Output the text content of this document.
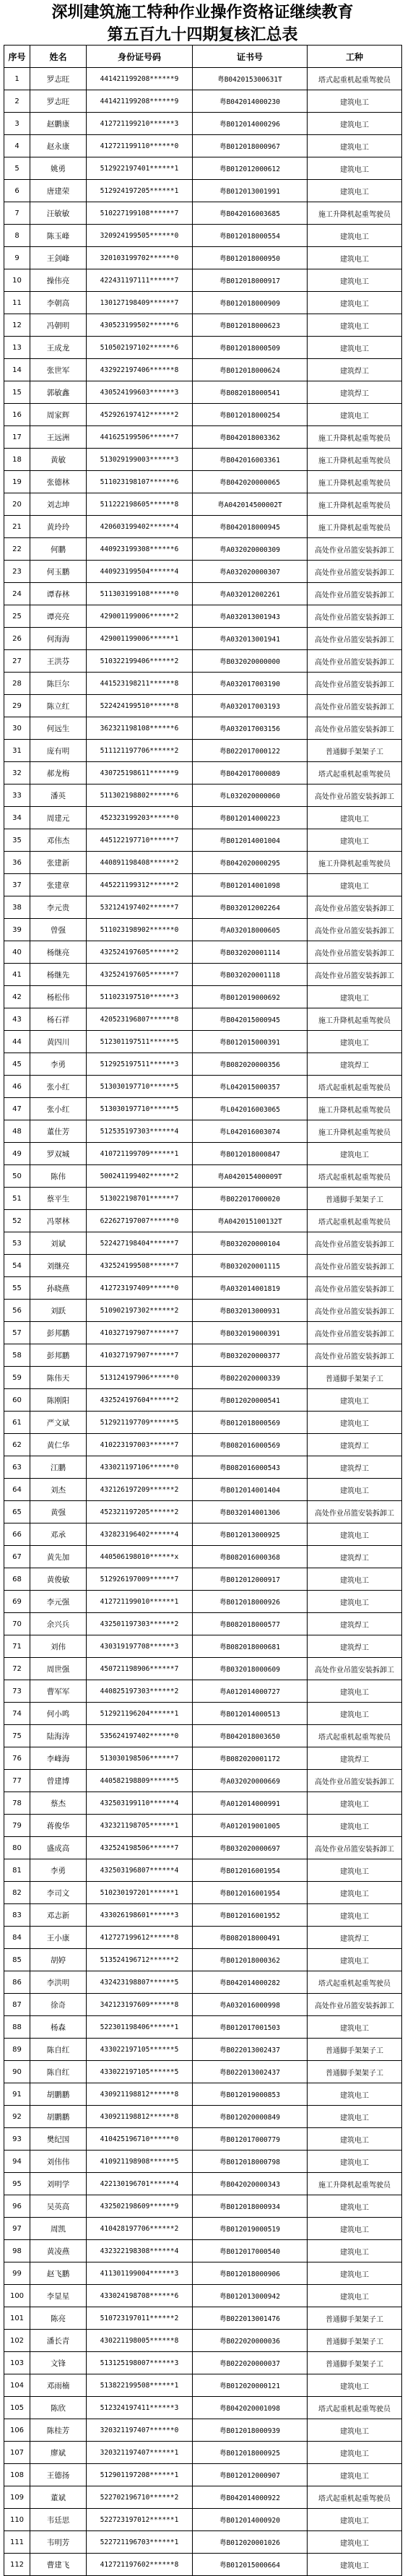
深圳建筑施工特种作业操作资格证继续教育
第五百九十四期复核汇总表
序号	姓名	身份证号码	证书号	工种
1	罗志旺	441421199208******9	粤B042015300631T	塔式起重机起重驾驶员
2	罗志旺	441421199208******9	粤B042014000230	建筑电工
3	赵鹏康	412721199210******3	粤B012014000296	建筑电工
4	赵永康	412721199110******0	粤B012018000967	建筑电工
5	姚勇	512922197401******1	粤B012012000612	建筑电工
6	唐建荣	512924197205******1	粤B012013001991	建筑电工
7	汪敏敏	510227199108******7	粤B042016003685	施工升降机起重驾驶员
8	陈玉峰	320924199505******0	粤B012018000554	建筑电工
9	王剑峰	320103199702******0	粤B012018000950	建筑电工
10	操伟亮	422431197111******7	粤B012018000917	建筑电工
11	李朝高	130127198409******7	粤B012018000909	建筑电工
12	冯朝明	430523199502******6	粤B012018000623	建筑电工
13	王成龙	510502197102******6	粤B012018000509	建筑电工
14	张世军	432922197406******8	粤B012018000624	建筑焊工
15	郭敏鑫	430524199603******3	粤B082018000541	建筑焊工
16	周家辉	452926197412******2	粤B012018000254	建筑电工
17	王远洲	441625199506******7	粤B042018003362	施工升降机起重驾驶员
18	黄敏	513029199003******3	粤B042016003361	施工升降机起重驾驶员
19	张德林	511023198107******6	粤B042020000065	施工升降机起重驾驶员
20	刘志坤	511222198605******8	粤A042014500002T	施工升降机起重驾驶员
21	黄玲玲	420603199402******4	粤B042018000945	施工升降机起重驾驶员
22	何鹏	440923199308******6	粤A032020000309	高处作业吊篮安装拆卸工
23	何玉鹏	440923199504******4	粤A032020000307	高处作业吊篮安装拆卸工
24	谭春林	511303199108******0	粤A032012002261	高处作业吊篮安装拆卸工
25	谭亮亮	429001199006******2	粤A032013001943	高处作业吊篮安装拆卸工
26	何海海	429001199006******1	粤A032013001941	高处作业吊篮安装拆卸工
27	王洪芬	510322199406******2	粤B032020000000	高处作业吊篮安装拆卸工
28	陈巨尔	441523198211******8	粤A032017003190	高处作业吊篮安装拆卸工
29	陈立红	522424199510******8	粤A032017003193	高处作业吊篮安装拆卸工
30	何远生	362321198108******6	粤A032017003156	高处作业吊篮安装拆卸工
31	庞有明	511121197706******2	粤B022017000122	普通脚手架架子工
32	郝龙梅	430725198611******9	粤B042017000089	塔式起重机起重驾驶员
33	潘英	511302198802******6	粤L032020000060	高处作业吊篮安装拆卸工
34	周建元	452323199203******0	粤B012014000223	建筑电工
35	邓伟杰	445122197710******7	粤B012014001004	建筑电工
36	张建新	440891198408******2	粤B042020000295	施工升降机起重驾驶员
37	张建章	445221199312******2	粤B012014001098	建筑电工
38	李元贵	532124197402******7	粤B032012002264	高处作业吊篮安装拆卸工
39	曾强	511023198902******0	粤A032018000605	高处作业吊篮安装拆卸工
40	杨继亮	432524197605******2	粤B032020001114	高处作业吊篮安装拆卸工
41	杨继先	432524197605******7	粤B032020001118	高处作业吊篮安装拆卸工
42	杨松伟	511023197510******3	粤B012019000692	建筑电工
43	杨石祥	420523196807******8	粤B042015000945	施工升降机起重驾驶员
44	黄四川	512301197511******5	粤B012015000391	建筑电工
45	李勇	512925197511******3	粤B082020000356	建筑焊工
46	张小红	513030197710******5	粤L042015000357	塔式起重机起重驾驶员
47	张小红	513030197710******5	粤L042016003065	施工升降机起重驾驶员
48	董仕芳	512535197303******4	粤L042016003074	施工升降机起重驾驶员
49	罗双城	410721199709******1	粤B012018000847	建筑电工
50	陈伟	500241199402******2	粤A042015400009T	塔式起重机起重驾驶员
51	蔡平生	513022198701******7	粤B022017000020	普通脚手架架子工
52	冯翠林	622627197007******0	粤A042015100132T	塔式起重机起重驾驶员
53	刘斌	522427198404******7	粤B032020000104	高处作业吊篮安装拆卸工
54	刘继亮	432524199508******7	粤B032020001115	高处作业吊篮安装拆卸工
55	孙晓燕	412723197409******0	粤A032014001819	高处作业吊篮安装拆卸工
56	刘跃	510902197302******2	粤B032013000931	高处作业吊篮安装拆卸工
57	彭邦鹏	410327197907******7	粤B032019000391	高处作业吊篮安装拆卸工
58	彭邦鹏	410327197907******7	粤B032020000377	高处作业吊篮安装拆卸工
59	陈伟天	513124197906******0	粤B022020000339	普通脚手架架子工
60	陈刚阳	432524197604******2	粤B012020000541	建筑电工
61	严文斌	512921197709******5	粤B012018000569	建筑电工
62	黄仁华	410223197003******7	粤B082016000569	建筑焊工
63	江鹏	433021197106******0	粤B082016000543	建筑焊工
64	刘杰	432126197209******2	粤B012014001404	建筑电工
65	黄强	452321197205******2	粤B032014001306	高处作业吊篮安装拆卸工
66	邓承	432823196402******4	粤B012013000925	建筑电工
67	黄先加	440506198010******x	粤B082016000368	建筑焊工
68	黄俊敏	512926197009******7	粤B012012000917	建筑电工
69	李元强	412721199010******1	粤B012018000926	建筑电工
70	余兴兵	432501197303******2	粤B082018000577	建筑焊工
71	刘伟	430319197708******3	粤B082018000681	建筑焊工
72	周世强	450721198906******7	粤B032018000609	高处作业吊篮安装拆卸工
73	曹军军	440825197303******2	粤A012014000727	建筑电工
74	何小鸣	512921196204******1	粤B012014000513	建筑电工
75	陆海涛	535624197402******0	粤B042018003650	塔式起重机起重驾驶员
76	李峰海	513030198506******7	粤B082020001172	建筑焊工
77	曾建博	440582198809******5	粤A032020000669	高处作业吊篮安装拆卸工
78	蔡杰	432503199110******4	粤A012014000991	建筑电工
79	蒋俊华	432321198705******1	粤A012019001005	建筑电工
80	盛成高	432524198506******7	粤B032020000697	高处作业吊篮安装拆卸工
81	李勇	432503196807******4	粤B012016001954	建筑电工
82	李司文	510230197201******1	粤B012016001954	建筑电工
83	邓志新	433026198601******3	粤B012016001952	建筑电工
84	王小康	412727199612******8	粤B082018000491	建筑焊工
85	胡婷	513524196712******2	粤B012018000362	建筑电工
86	李洪明	432423198807******5	粤B042014000282	塔式起重机起重驾驶员
87	徐奇	342123197609******8	粤A032016000998	高处作业吊篮安装拆卸工
88	杨森	522301198406******1	粤B012017001503	建筑电工
89	陈自红	433022197105******5	粤B022013002437	普通脚手架架子工
90	陈自红	433022197105******5	粤B022013002437	普通脚手架架子工
91	胡鹏鹏	430921198812******8	粤B012019000853	建筑电工
92	胡鹏鹏	430921198812******8	粤B012020000849	建筑电工
93	樊纪国	410425196710******0	粤B012017000779	建筑电工
94	刘伟伟	410921198908******5	粤B012018000798	建筑电工
95	刘明学	422130196701******4	粤B042020000343	施工升降机起重驾驶员
96	吴英高	432502198609******9	粤B012018000934	建筑电工
97	周凯	410428197706******2	粤B012019000519	建筑电工
98	黄凌燕	432322198308******4	粤B012017000540	建筑电工
99	赵飞鹏	411301199004******3	粤B012018000906	建筑电工
100	李显星	433024198708******6	粤B012013000942	建筑电工
101	陈亮	510723197011******2	粤B022013001476	普通脚手架架子工
102	潘长青	430221198005******8	粤B022020000036	普通脚手架架子工
103	文锋	513125198007******3	粤B022020000037	普通脚手架架子工
104	邓雨楠	513822199508******1	粤B012020000121	建筑电工
105	陈欣	512324197411******3	粤B042020001098	塔式起重机起重驾驶员
106	陈桂芳	320321197407******0	粤B012018000939	建筑电工
107	廖斌	320321197407******1	粤B012018000925	建筑电工
108	王德扬	512901197208******1	粤B012012000907	建筑电工
109	董斌	522702196710******2	粤B042014000922	塔式起重机起重驾驶员
110	韦廷思	522723197012******1	粤B012014000920	建筑电工
111	韦明芳	522721196703******1	粤B012020001026	建筑电工
112	曹建飞	412721197602******8	粤B012015000664	建筑电工
